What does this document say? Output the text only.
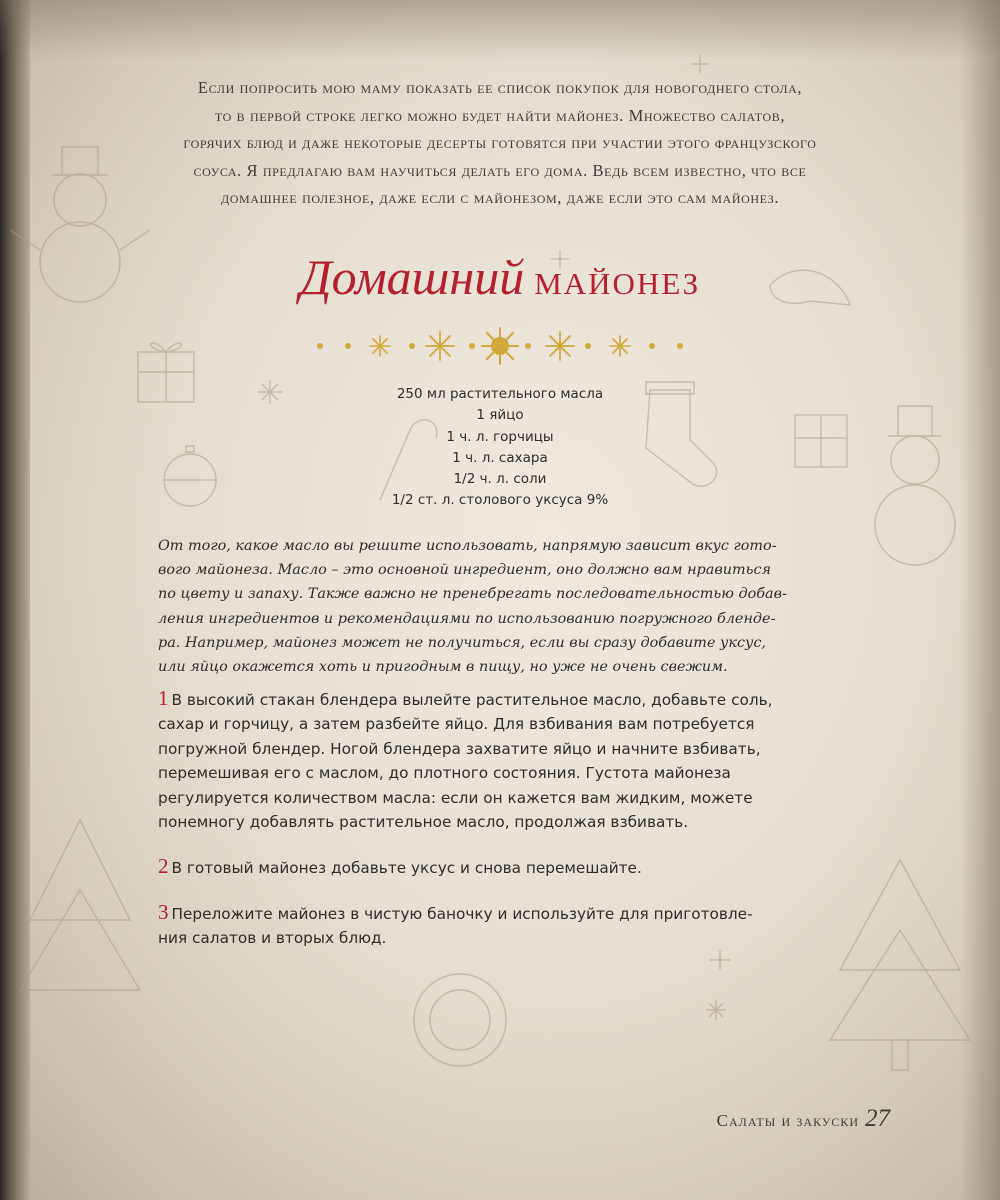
Если попросить мою маму показать ее список покупок для новогоднего стола,
то в первой строке легко можно будет найти майонез. Множество салатов,
горячих блюд и даже некоторые десерты готовятся при участии этого французского
соуса. Я предлагаю вам научиться делать его дома. Ведь всем известно, что все
домашнее полезное, даже если с майонезом, даже если это сам майонез.
Домашний майонез
250 мл растительного масла
1 яйцо
1 ч. л. горчицы
1 ч. л. сахара
1/2 ч. л. соли
1/2 ст. л. столового уксуса 9%
От того, какое масло вы решите использовать, напрямую зависит вкус гото-
вого майонеза. Масло – это основной ингредиент, оно должно вам нравиться
по цвету и запаху. Также важно не пренебрегать последовательностью добав-
ления ингредиентов и рекомендациями по использованию погружного бленде-
ра. Например, майонез может не получиться, если вы сразу добавите уксус,
или яйцо окажется хоть и пригодным в пищу, но уже не очень свежим.
1 В высокий стакан блендера вылейте растительное масло, добавьте соль,
сахар и горчицу, а затем разбейте яйцо. Для взбивания вам потребуется
погружной блендер. Ногой блендера захватите яйцо и начните взбивать,
перемешивая его с маслом, до плотного состояния. Густота майонеза
регулируется количеством масла: если он кажется вам жидким, можете
понемногу добавлять растительное масло, продолжая взбивать.
2 В готовый майонез добавьте уксус и снова перемешайте.
3 Переложите майонез в чистую баночку и используйте для приготовле-
ния салатов и вторых блюд.
Салаты и закуски 27
